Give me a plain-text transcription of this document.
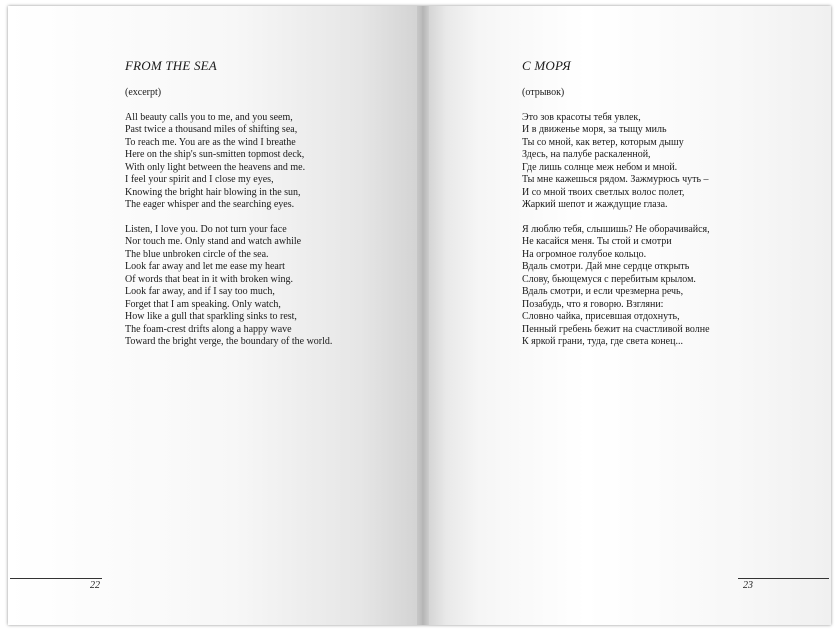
FROM THE SEA
(excerpt)
All beauty calls you to me, and you seem,
Past twice a thousand miles of shifting sea,
To reach me. You are as the wind I breathe
Here on the ship's sun-smitten topmost deck,
With only light between the heavens and me.
I feel your spirit and I close my eyes,
Knowing the bright hair blowing in the sun,
The eager whisper and the searching eyes.
Listen, I love you. Do not turn your face
Nor touch me. Only stand and watch awhile
The blue unbroken circle of the sea.
Look far away and let me ease my heart
Of words that beat in it with broken wing.
Look far away, and if I say too much,
Forget that I am speaking. Only watch,
How like a gull that sparkling sinks to rest,
The foam-crest drifts along a happy wave
Toward the bright verge, the boundary of the world.
22
С МОРЯ
(отрывок)
Это зов красоты тебя увлек,
И в движенье моря, за тыщу миль
Ты со мной, как ветер, которым дышу
Здесь, на палубе раскаленной,
Где лишь солнце меж небом и мной.
Ты мне кажешься рядом. Зажмурюсь чуть –
И со мной твоих светлых волос полет,
Жаркий шепот и жаждущие глаза.
Я люблю тебя, слышишь? Не оборачивайся,
Не касайся меня. Ты стой и смотри
На огромное голубое кольцо.
Вдаль смотри. Дай мне сердце открыть
Слову, бьющемуся с перебитым крылом.
Вдаль смотри, и если чрезмерна речь,
Позабудь, что я говорю. Взгляни:
Словно чайка, присевшая отдохнуть,
Пенный гребень бежит на счастливой волне
К яркой грани, туда, где света конец...
23
